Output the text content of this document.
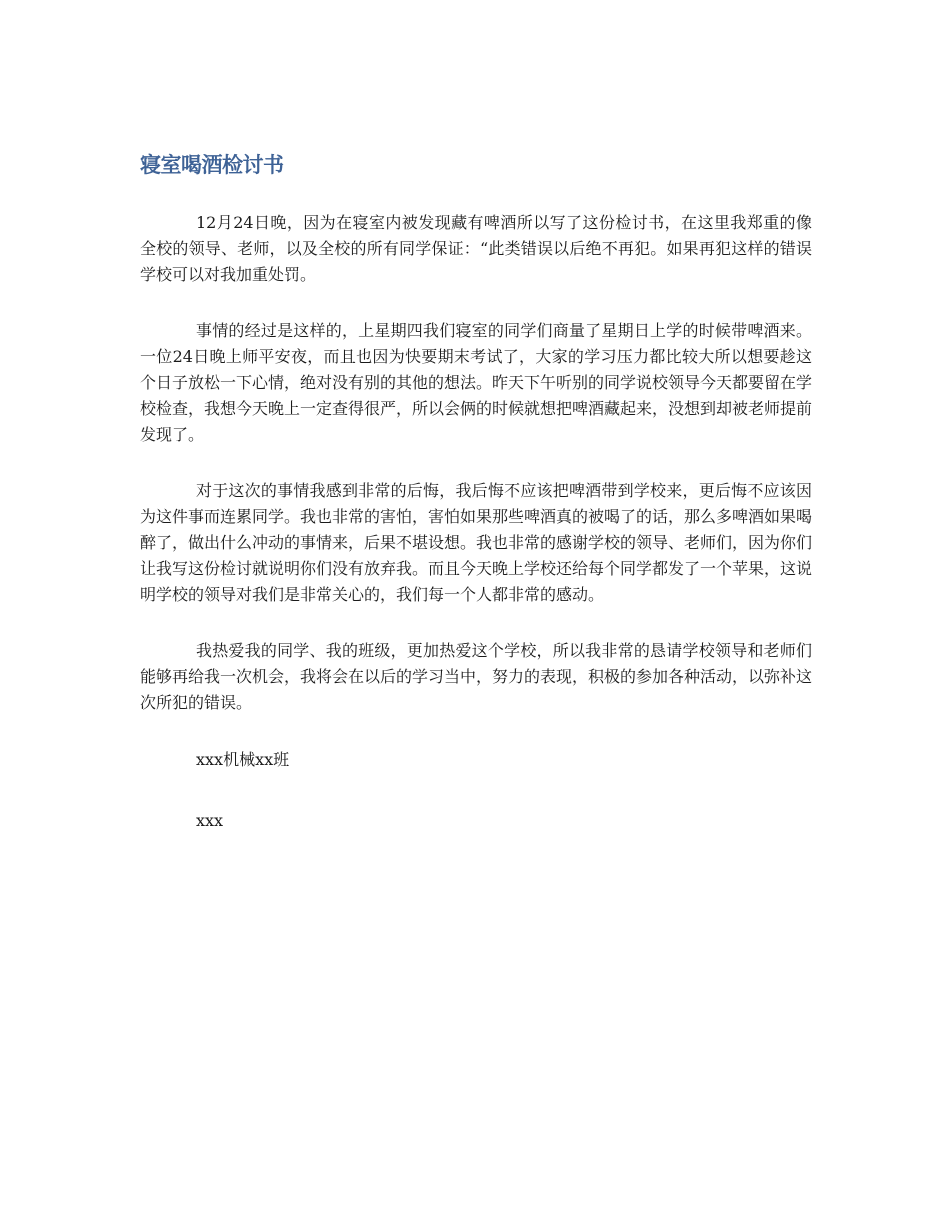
寝室喝酒检讨书

12月24日晚，因为在寝室内被发现藏有啤酒所以写了这份检讨书，在这里我郑重的像全校的领导、老师，以及全校的所有同学保证：“此类错误以后绝不再犯。如果再犯这样的错误学校可以对我加重处罚。

事情的经过是这样的，上星期四我们寝室的同学们商量了星期日上学的时候带啤酒来。一位24日晚上师平安夜，而且也因为快要期末考试了，大家的学习压力都比较大所以想要趁这个日子放松一下心情，绝对没有别的其他的想法。昨天下午听别的同学说校领导今天都要留在学校检查，我想今天晚上一定查得很严，所以会俩的时候就想把啤酒藏起来，没想到却被老师提前发现了。

对于这次的事情我感到非常的后悔，我后悔不应该把啤酒带到学校来，更后悔不应该因为这件事而连累同学。我也非常的害怕，害怕如果那些啤酒真的被喝了的话，那么多啤酒如果喝醉了，做出什么冲动的事情来，后果不堪设想。我也非常的感谢学校的领导、老师们，因为你们让我写这份检讨就说明你们没有放弃我。而且今天晚上学校还给每个同学都发了一个苹果，这说明学校的领导对我们是非常关心的，我们每一个人都非常的感动。

我热爱我的同学、我的班级，更加热爱这个学校，所以我非常的恳请学校领导和老师们能够再给我一次机会，我将会在以后的学习当中，努力的表现，积极的参加各种活动，以弥补这次所犯的错误。

xxx机械xx班
xxx
